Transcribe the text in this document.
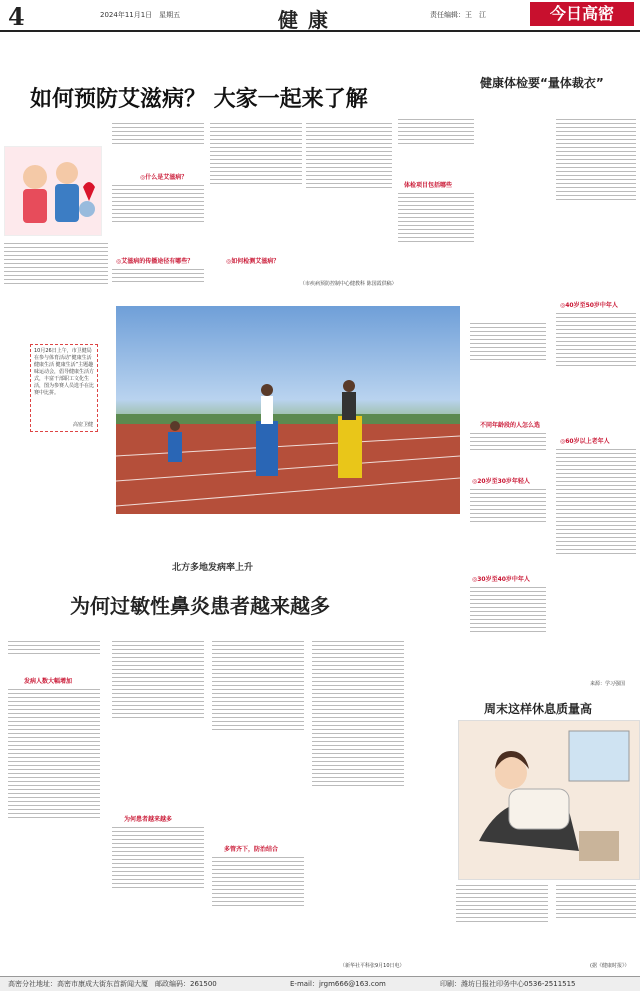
4	2024年11月1日　星期五	健康	责任编辑：王　江	今日高密
如何预防艾滋病？ 大家一起来了解
◎什么是艾滋病？
◎艾滋病的传播途径有哪些？	◎如何检测艾滋病？
（市疾病预防控制中心健教科 陈国霞供稿）
健康体检要“量体裁衣”
体检项目包括哪些
不同年龄段的人怎么选
◎20岁至30岁年轻人
◎30岁至40岁中年人
◎40岁至50岁中年人
◎60岁以上老年人
来源：学习强国
10月26日上午，市卫健局在参与体育活动“健康生活 健康生活 健康生活”主题趣味运动会，倡导健康生活方式，丰富干部职工文化生活，图为参赛人员选手在比赛中比拼。
高密卫健
北方多地发病率上升
为何过敏性鼻炎患者越来越多
发病人数大幅增加
为何患者越来越多
多管齐下，防治结合
（新华社平科张9月10日电）
周末这样休息质量高
(据《健康时报》）
高密分社地址：高密市康成大街东首新闻大厦　邮政编码：261500	E-mail：jrgm666@163.com	印刷：潍坊日报社印务中心0536-2511515
